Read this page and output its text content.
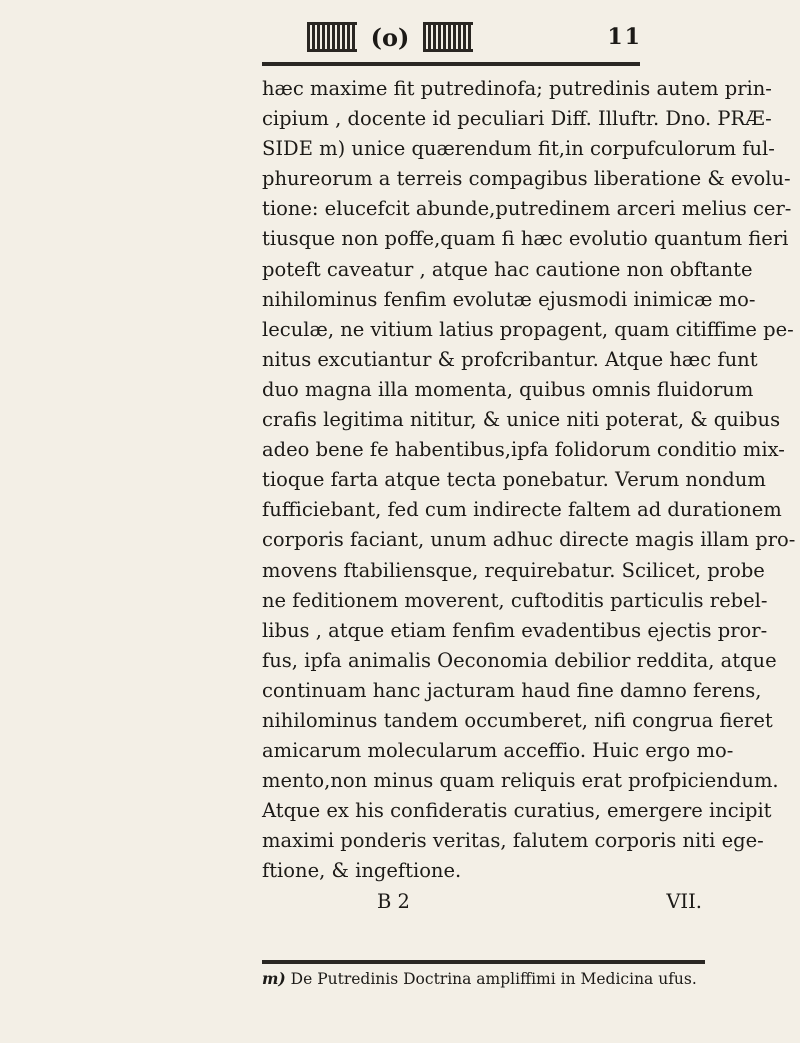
(o)	11
hæc maxime fit putredinofa; putredinis autem prin-
cipium , docente id peculiari Diff. Illuftr. Dno. PRÆ-
SIDE m) unice quærendum fit,in corpufculorum ful-
phureorum a terreis compagibus liberatione & evolu-
tione: elucefcit abunde,putredinem arceri melius cer-
tiusque non poffe,quam fi hæc evolutio quantum fieri
poteft caveatur , atque hac cautione non obftante
nihilominus fenfim evolutæ ejusmodi inimicæ mo-
leculæ, ne vitium latius propagent, quam citiffime pe-
nitus excutiantur & profcribantur. Atque hæc funt
duo magna illa momenta, quibus omnis fluidorum
crafis legitima nititur, & unice niti poterat, & quibus
adeo bene fe habentibus,ipfa folidorum conditio mix-
tioque farta atque tecta ponebatur. Verum nondum
fufficiebant, fed cum indirecte faltem ad durationem
corporis faciant, unum adhuc directe magis illam pro-
movens ftabiliensque, requirebatur. Scilicet, probe
ne feditionem moverent, cuftoditis particulis rebel-
libus , atque etiam fenfim evadentibus ejectis pror-
fus, ipfa animalis Oeconomia debilior reddita, atque
continuam hanc jacturam haud fine damno ferens,
nihilominus tandem occumberet, nifi congrua fieret
amicarum molecularum acceffio. Huic ergo mo-
mento,non minus quam reliquis erat profpiciendum.
Atque ex his confideratis curatius, emergere incipit
maximi ponderis veritas, falutem corporis niti ege-
ftione, & ingeftione.
B 2	VII.
m) De Putredinis Doctrina ampliffimi in Medicina ufus.
